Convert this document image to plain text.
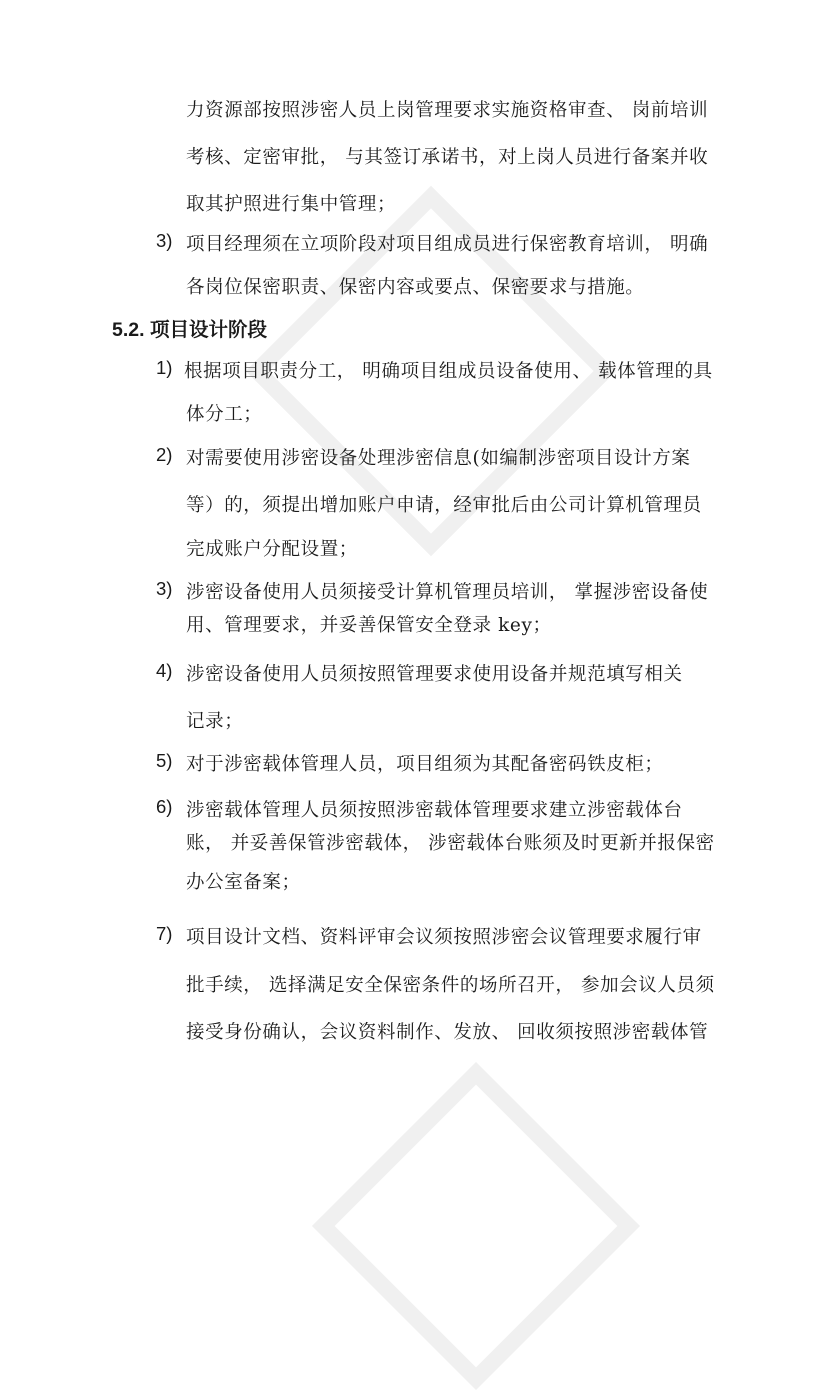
力资源部按照涉密人员上岗管理要求实施资格审查、 岗前培训
考核、定密审批， 与其签订承诺书，对上岗人员进行备案并收
取其护照进行集中管理；
3) 项目经理须在立项阶段对项目组成员进行保密教育培训， 明确
各岗位保密职责、保密内容或要点、保密要求与措施。
5.2. 项目设计阶段
1) 根据项目职责分工， 明确项目组成员设备使用、 载体管理的具
体分工；
2) 对需要使用涉密设备处理涉密信息(如编制涉密项目设计方案
等）的，须提出增加账户申请，经审批后由公司计算机管理员
完成账户分配设置；
3) 涉密设备使用人员须接受计算机管理员培训， 掌握涉密设备使
用、管理要求，并妥善保管安全登录 key；
4) 涉密设备使用人员须按照管理要求使用设备并规范填写相关
记录；
5) 对于涉密载体管理人员，项目组须为其配备密码铁皮柜；
6) 涉密载体管理人员须按照涉密载体管理要求建立涉密载体台
账， 并妥善保管涉密载体， 涉密载体台账须及时更新并报保密
办公室备案；
7) 项目设计文档、资料评审会议须按照涉密会议管理要求履行审
批手续， 选择满足安全保密条件的场所召开， 参加会议人员须
接受身份确认，会议资料制作、发放、 回收须按照涉密载体管
